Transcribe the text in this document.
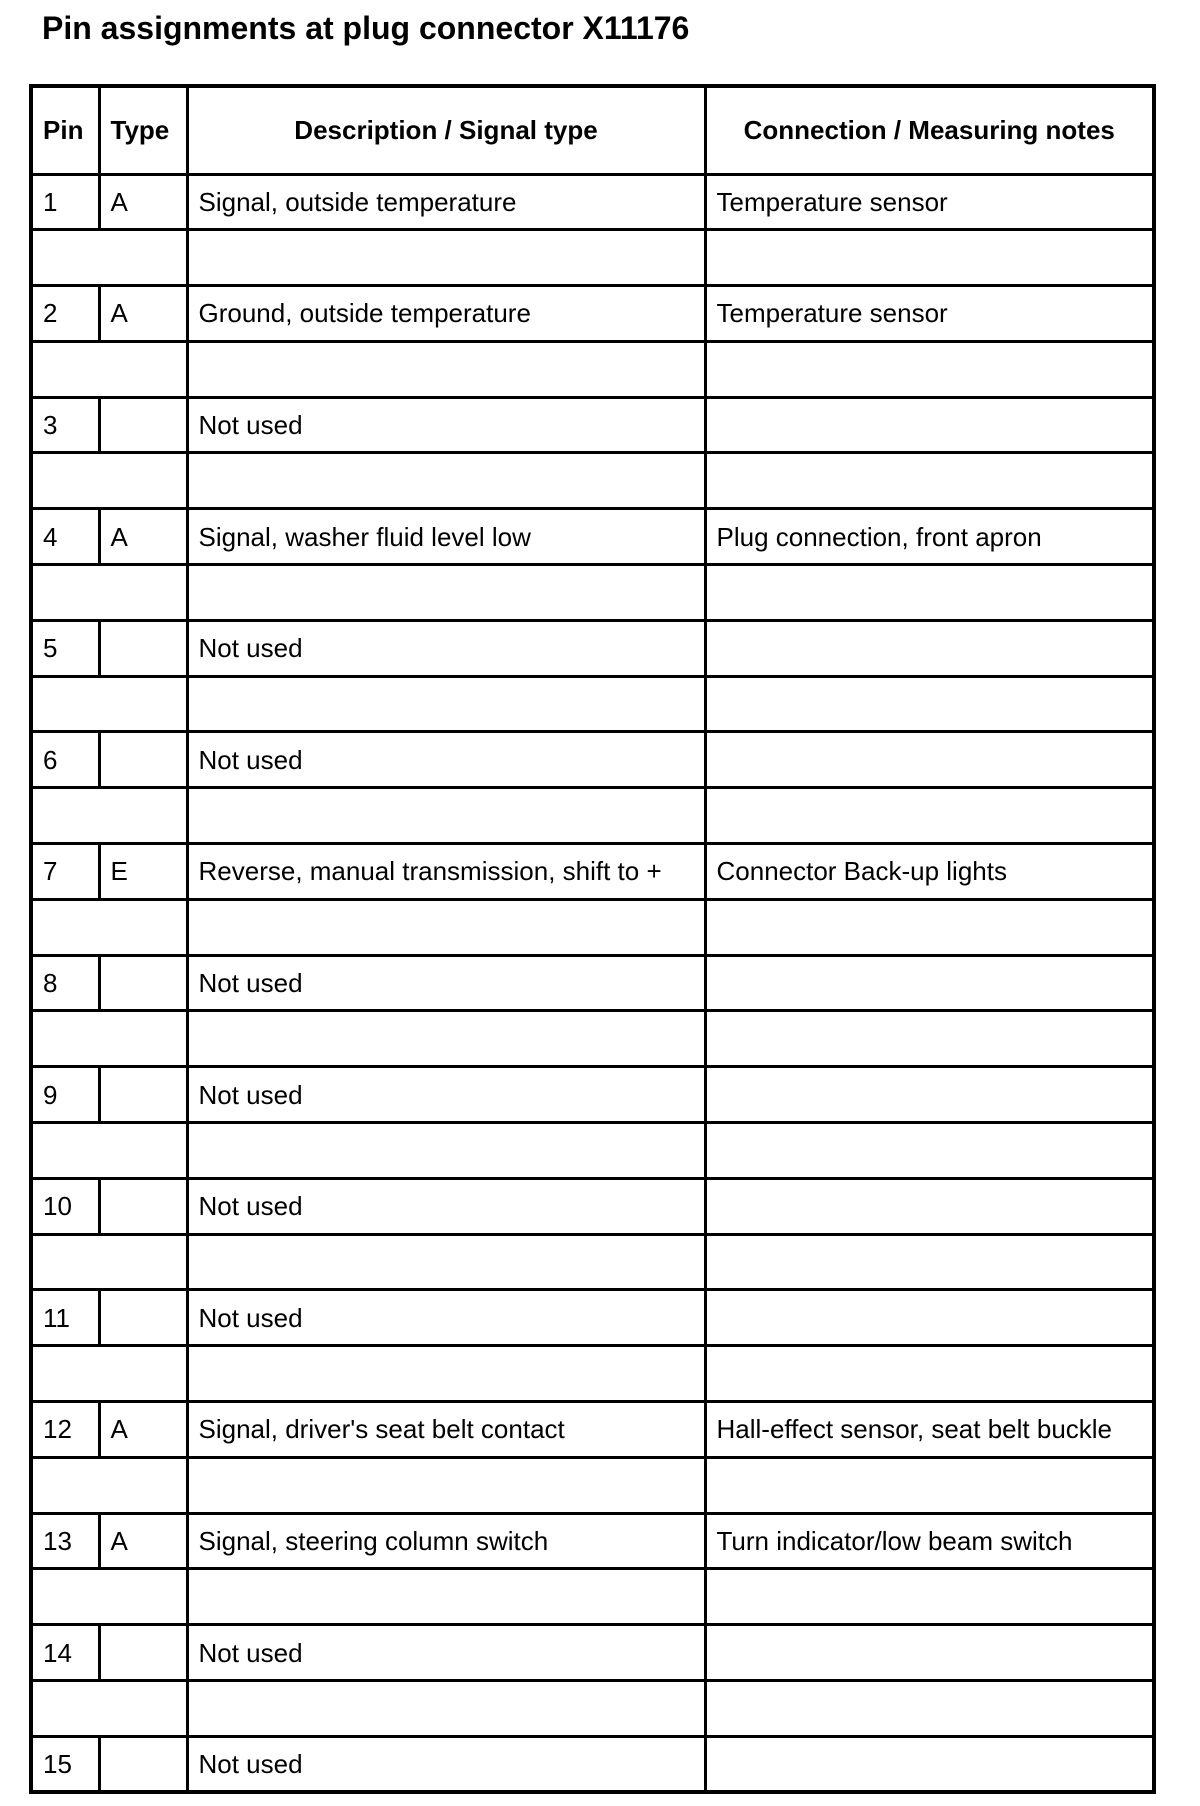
Pin assignments at plug connector X11176
Pin	Type	Description / Signal type	Connection / Measuring notes
1	A	Signal, outside temperature	Temperature sensor

2	A	Ground, outside temperature	Temperature sensor

3		Not used	

4	A	Signal, washer fluid level low	Plug connection, front apron

5		Not used	

6		Not used	

7	E	Reverse, manual transmission, shift to +	Connector Back-up lights

8		Not used	

9		Not used	

10		Not used	

11		Not used	

12	A	Signal, driver's seat belt contact	Hall-effect sensor, seat belt buckle

13	A	Signal, steering column switch	Turn indicator/low beam switch

14		Not used	

15		Not used	
